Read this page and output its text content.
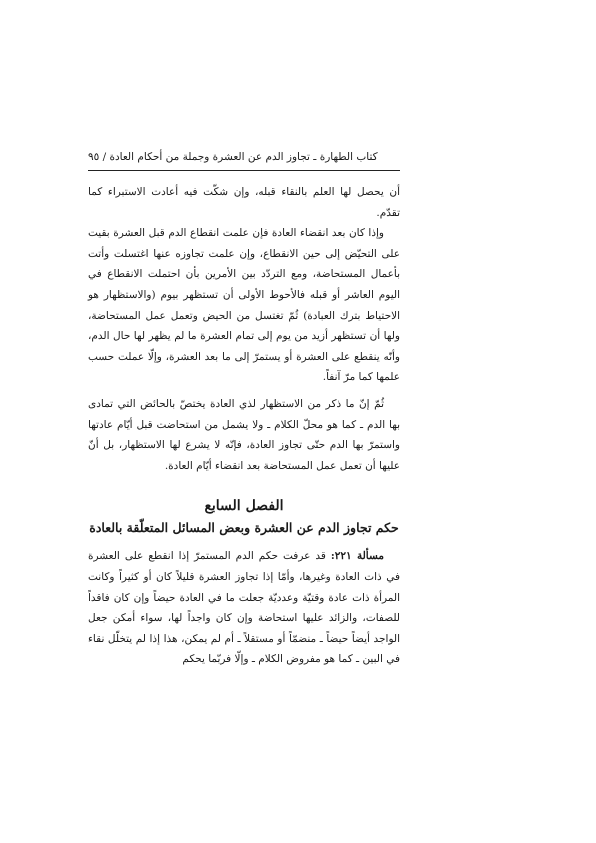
كتاب الطهارة ـ تجاوز الدم عن العشرة وجملة من أحكام العادة / ٩٥

أن يحصل لها العلم بالنقاء قبله، وإن شكّت فيه أعادت الاستبراء كما تقدّم.

وإذا كان بعد انقضاء العادة فإن علمت انقطاع الدم قبل العشرة بقيت على التحيّض إلى حين الانقطاع، وإن علمت تجاوزه عنها اغتسلت وأتت بأعمال المستحاضة، ومع التردّد بين الأمرين بأن احتملت الانقطاع في اليوم العاشر أو قبله فالأحوط الأولى أن تستظهر بيوم (والاستظهار هو الاحتياط بترك العبادة) ثُمّ تغتسل من الحيض وتعمل عمل المستحاضة، ولها أن تستظهر أزيد من يوم إلى تمام العشرة ما لم يظهر لها حال الدم، وأنّه ينقطع على العشرة أو يستمرّ إلى ما بعد العشرة، وإلّا عملت حسب علمها كما مرّ آنفاً.

ثُمّ إنّ ما ذكر من الاستظهار لذي العادة يختصّ بالحائض التي تمادى بها الدم ـ كما هو محلّ الكلام ـ ولا يشمل من استحاضت قبل أيّام عادتها واستمرّ بها الدم حتّى تجاوز العادة، فإنّه لا يشرع لها الاستظهار، بل أنّ عليها أن تعمل عمل المستحاضة بعد انقضاء أيّام العادة.

الفصل السابع
حكم تجاوز الدم عن العشرة وبعض المسائل المتعلّقة بالعادة

مسألة ٢٢١: قد عرفت حكم الدم المستمرّ إذا انقطع على العشرة في ذات العادة وغيرها، وأمّا إذا تجاوز العشرة قليلاً كان أو كثيراً وكانت المرأة ذات عادة وقتيّة وعدديّة جعلت ما في العادة حيضاً وإن كان فاقداً للصفات، والزائد عليها استحاضة وإن كان واجداً لها، سواء أمكن جعل الواجد أيضاً حيضاً ـ منضمّاً أو مستقلاً ـ أم لم يمكن، هذا إذا لم يتخلّل نقاء في البين ـ كما هو مفروض الكلام ـ وإلّا فربّما يحكم
